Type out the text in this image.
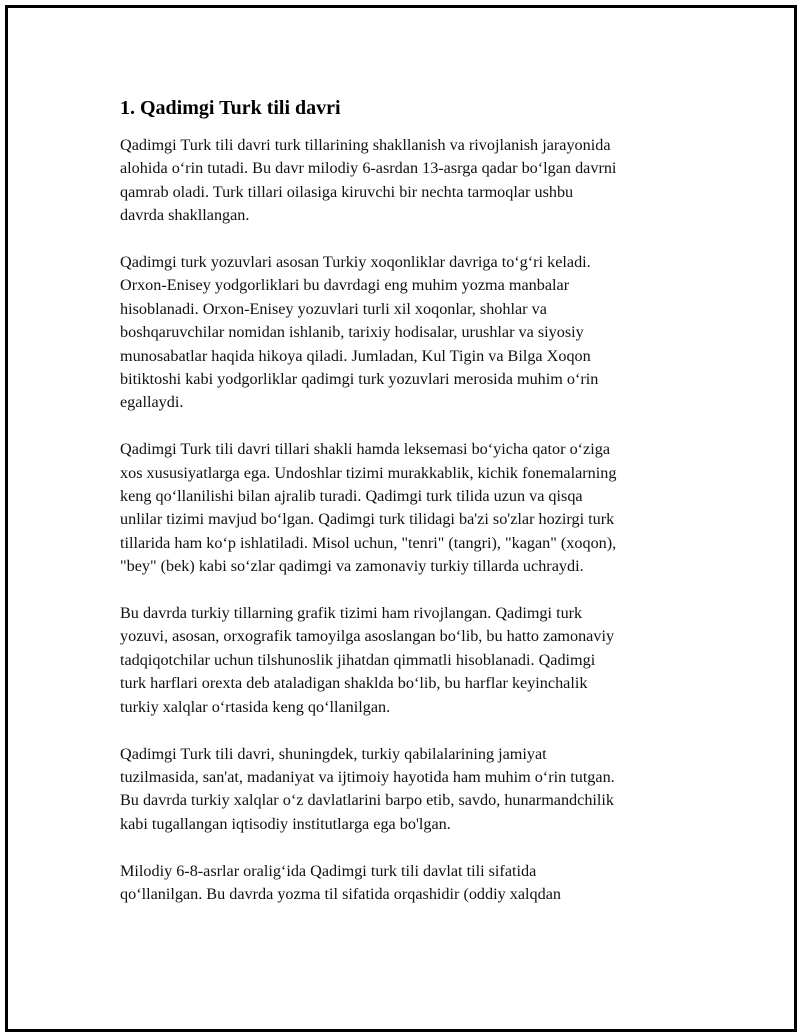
1. Qadimgi Turk tili davri

Qadimgi Turk tili davri turk tillarining shakllanish va rivojlanish jarayonida
alohida o‘rin tutadi. Bu davr milodiy 6-asrdan 13-asrga qadar bo‘lgan davrni
qamrab oladi. Turk tillari oilasiga kiruvchi bir nechta tarmoqlar ushbu
davrda shakllangan.

Qadimgi turk yozuvlari asosan Turkiy xoqonliklar davriga to‘g‘ri keladi.
Orxon-Enisey yodgorliklari bu davrdagi eng muhim yozma manbalar
hisoblanadi. Orxon-Enisey yozuvlari turli xil xoqonlar, shohlar va
boshqaruvchilar nomidan ishlanib, tarixiy hodisalar, urushlar va siyosiy
munosabatlar haqida hikoya qiladi. Jumladan, Kul Tigin va Bilga Xoqon
bitiktoshi kabi yodgorliklar qadimgi turk yozuvlari merosida muhim o‘rin
egallaydi.

Qadimgi Turk tili davri tillari shakli hamda leksemasi bo‘yicha qator o‘ziga
xos xususiyatlarga ega. Undoshlar tizimi murakkablik, kichik fonemalarning
keng qo‘llanilishi bilan ajralib turadi. Qadimgi turk tilida uzun va qisqa
unlilar tizimi mavjud bo‘lgan. Qadimgi turk tilidagi ba'zi so'zlar hozirgi turk
tillarida ham ko‘p ishlatiladi. Misol uchun, "tenri" (tangri), "kagan" (xoqon),
"bey" (bek) kabi so‘zlar qadimgi va zamonaviy turkiy tillarda uchraydi.

Bu davrda turkiy tillarning grafik tizimi ham rivojlangan. Qadimgi turk
yozuvi, asosan, orxografik tamoyilga asoslangan bo‘lib, bu hatto zamonaviy
tadqiqotchilar uchun tilshunoslik jihatdan qimmatli hisoblanadi. Qadimgi
turk harflari orexta deb ataladigan shaklda bo‘lib, bu harflar keyinchalik
turkiy xalqlar o‘rtasida keng qo‘llanilgan.

Qadimgi Turk tili davri, shuningdek, turkiy qabilalarining jamiyat
tuzilmasida, san'at, madaniyat va ijtimoiy hayotida ham muhim o‘rin tutgan.
Bu davrda turkiy xalqlar o‘z davlatlarini barpo etib, savdo, hunarmandchilik
kabi tugallangan iqtisodiy institutlarga ega bo'lgan.

Milodiy 6-8-asrlar oralig‘ida Qadimgi turk tili davlat tili sifatida
qo‘llanilgan. Bu davrda yozma til sifatida orqashidir (oddiy xalqdan
